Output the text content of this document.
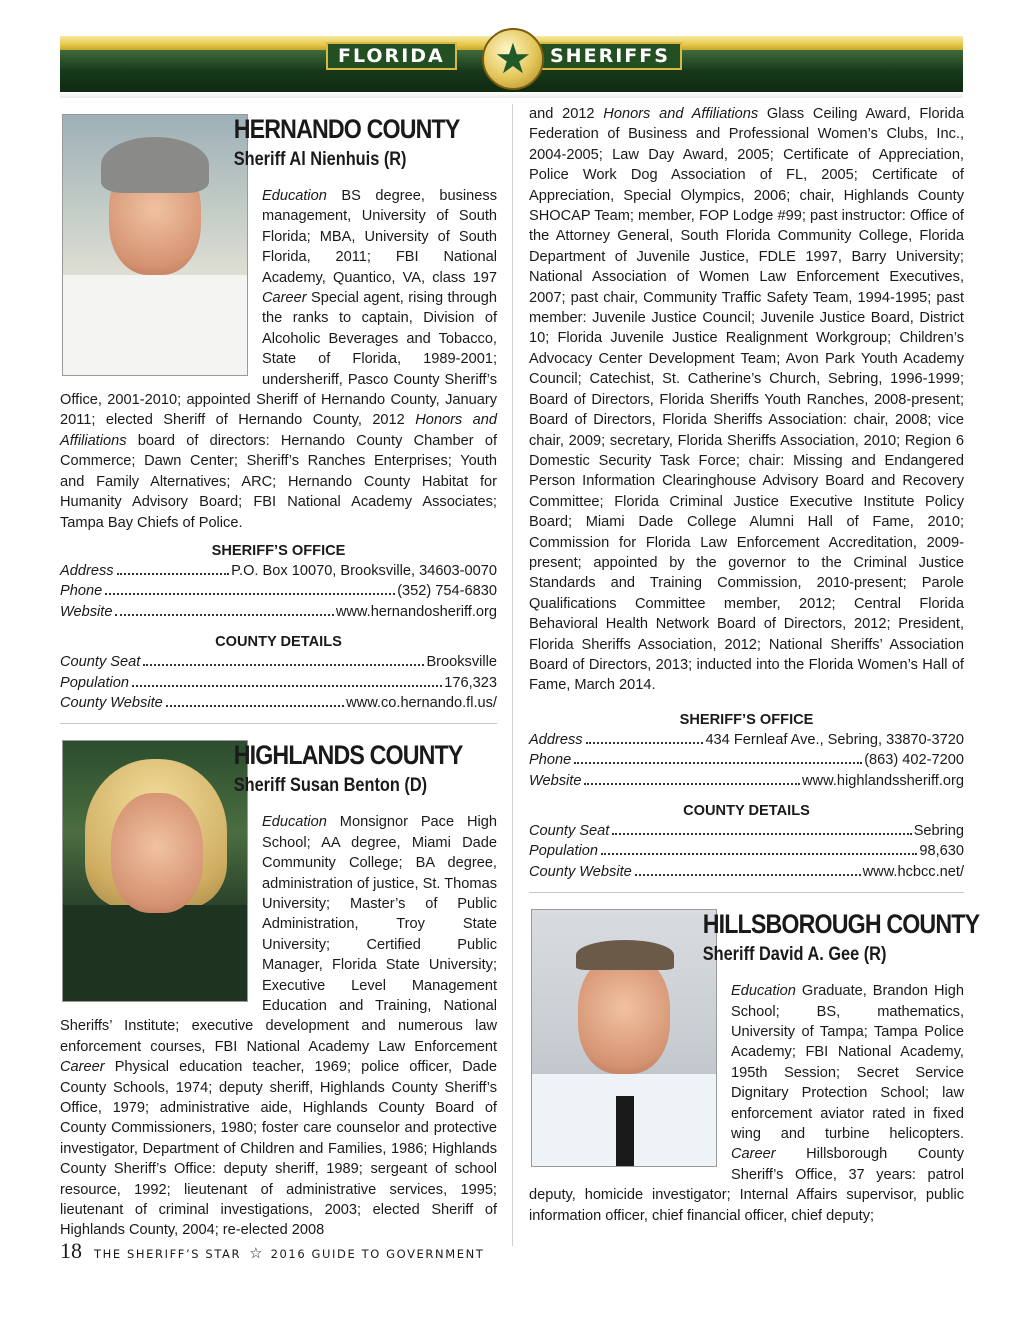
FLORIDA	SHERIFFS
★
HERNANDO COUNTY
Sheriff Al Nienhuis (R)

Education BS degree, business management, University of South Florida; MBA, University of South Florida, 2011; FBI National Academy, Quantico, VA, class 197 Career Special agent, rising through the ranks to captain, Division of Alcoholic Beverages and Tobacco, State of Florida, 1989-2001; undersheriff, Pasco County Sheriff’s Office, 2001-2010; appointed Sheriff of Hernando County, January 2011; elected Sheriff of Hernando County, 2012 Honors and Affiliations board of directors: Hernando County Chamber of Commerce; Dawn Center; Sheriff’s Ranches Enterprises; Youth and Family Alternatives; ARC; Hernando County Habitat for Humanity Advisory Board; FBI National Academy Associates; Tampa Bay Chiefs of Police.

SHERIFF’S OFFICE
Address	P.O. Box 10070, Brooksville, 34603-0070
Phone	(352) 754-6830
Website	www.hernandosheriff.org
COUNTY DETAILS
County Seat	Brooksville
Population	176,323
County Website	www.co.hernando.fl.us/
HIGHLANDS COUNTY
Sheriff Susan Benton (D)

Education Monsignor Pace High School; AA degree, Miami Dade Community College; BA degree, administration of justice, St. Thomas University; Master’s of Public Administration, Troy State University; Certified Public Manager, Florida State University; Executive Level Management Education and Training, National Sheriffs’ Institute; executive development and numerous law enforcement courses, FBI National Academy Law Enforcement Career Physical education teacher, 1969; police officer, Dade County Schools, 1974; deputy sheriff, Highlands County Sheriff’s Office, 1979; administrative aide, Highlands County Board of County Commissioners, 1980; foster care counselor and protective investigator, Department of Children and Families, 1986; Highlands County Sheriff’s Office: deputy sheriff, 1989; sergeant of school resource, 1992; lieutenant of administrative services, 1995; lieutenant of criminal investigations, 2003; elected Sheriff of Highlands County, 2004; re-elected 2008

and 2012 Honors and Affiliations Glass Ceiling Award, Florida Federation of Business and Professional Women’s Clubs, Inc., 2004-2005; Law Day Award, 2005; Certificate of Appreciation, Police Work Dog Association of FL, 2005; Certificate of Appreciation, Special Olympics, 2006; chair, Highlands County SHOCAP Team; member, FOP Lodge #99; past instructor: Office of the Attorney General, South Florida Community College, Florida Department of Juvenile Justice, FDLE 1997, Barry University; National Association of Women Law Enforcement Executives, 2007; past chair, Community Traffic Safety Team, 1994-1995; past member: Juvenile Justice Council; Juvenile Justice Board, District 10; Florida Juvenile Justice Realignment Workgroup; Children’s Advocacy Center Development Team; Avon Park Youth Academy Council; Catechist, St. Catherine’s Church, Sebring, 1996-1999; Board of Directors, Florida Sheriffs Youth Ranches, 2008-present; Board of Directors, Florida Sheriffs Association: chair, 2008; vice chair, 2009; secretary, Florida Sheriffs Association, 2010; Region 6 Domestic Security Task Force; chair: Missing and Endangered Person Information Clearinghouse Advisory Board and Recovery Committee; Florida Criminal Justice Executive Institute Policy Board; Miami Dade College Alumni Hall of Fame, 2010; Commission for Florida Law Enforcement Accreditation, 2009-present; appointed by the governor to the Criminal Justice Standards and Training Commission, 2010-present; Parole Qualifications Committee member, 2012; Central Florida Behavioral Health Network Board of Directors, 2012; President, Florida Sheriffs Association, 2012; National Sheriffs’ Association Board of Directors, 2013; inducted into the Florida Women’s Hall of Fame, March 2014.

SHERIFF’S OFFICE
Address	434 Fernleaf Ave., Sebring, 33870-3720
Phone	(863) 402-7200
Website	www.highlandssheriff.org
COUNTY DETAILS
County Seat	Sebring
Population	98,630
County Website	www.hcbcc.net/
HILLSBOROUGH COUNTY
Sheriff David A. Gee (R)

Education Graduate, Brandon High School; BS, mathematics, University of Tampa; Tampa Police Academy; FBI National Academy, 195th Session; Secret Service Dignitary Protection School; law enforcement aviator rated in fixed wing and turbine helicopters. Career Hillsborough County Sheriff’s Office, 37 years: patrol deputy, homicide investigator; Internal Affairs supervisor, public information officer, chief financial officer, chief deputy;

18 THE SHERIFF’S STAR ☆ 2016 GUIDE TO GOVERNMENT
